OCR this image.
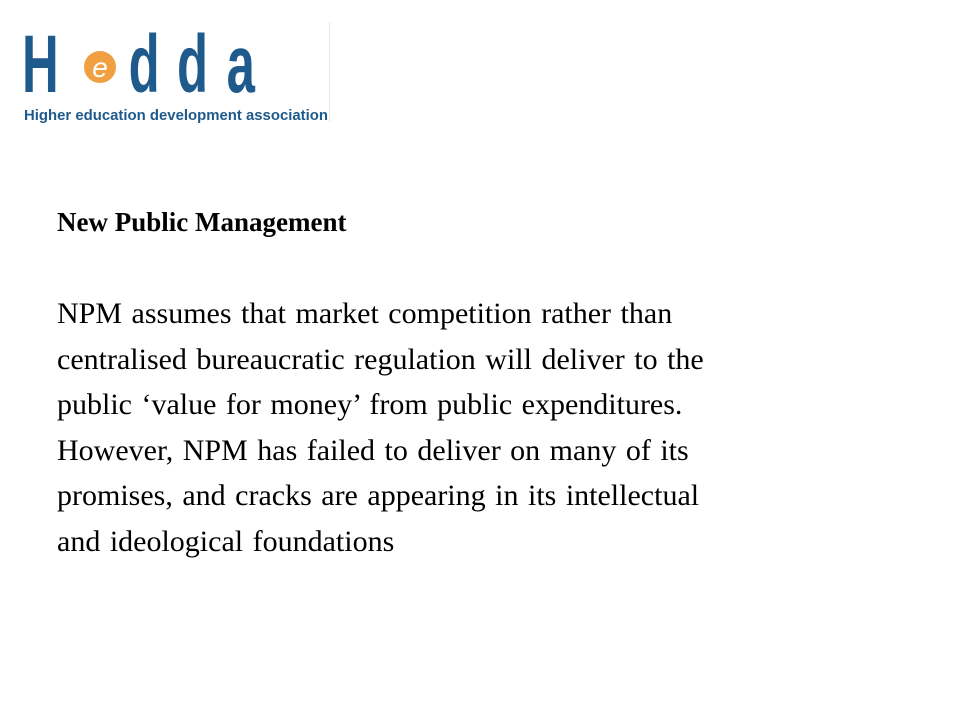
H e d d a
Higher education development association
New Public Management
NPM assumes that market competition rather than
centralised bureaucratic regulation will deliver to the
public ‘value for money’ from public expenditures.
However, NPM has failed to deliver on many of its
promises, and cracks are appearing in its intellectual
and ideological foundations
